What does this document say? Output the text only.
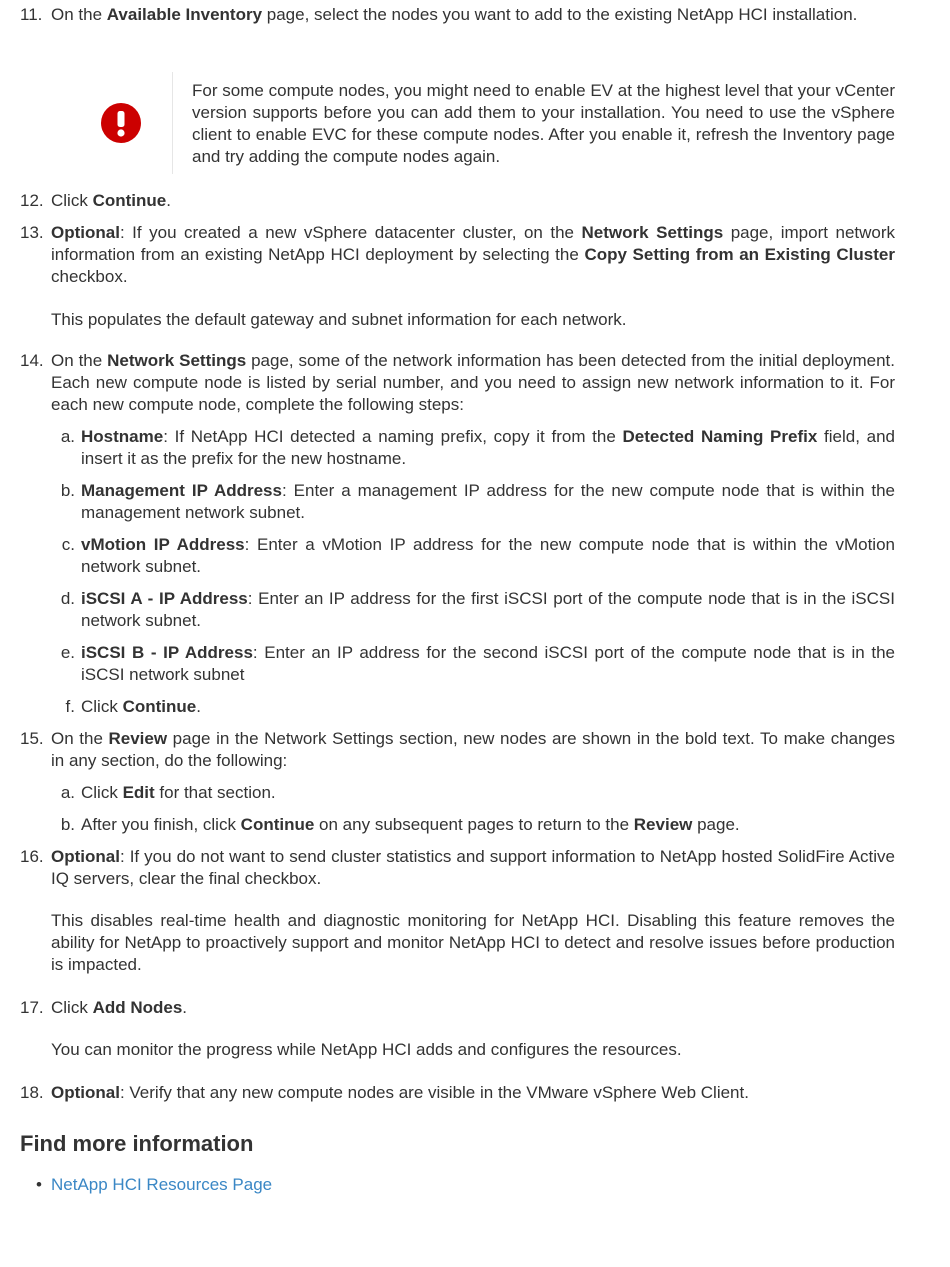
11. On the Available Inventory page, select the nodes you want to add to the existing NetApp HCI installation.

For some compute nodes, you might need to enable EV at the highest level that your vCenter version supports before you can add them to your installation. You need to use the vSphere client to enable EVC for these compute nodes. After you enable it, refresh the Inventory page and try adding the compute nodes again.
12. Click Continue.

13. Optional: If you created a new vSphere datacenter cluster, on the Network Settings page, import network information from an existing NetApp HCI deployment by selecting the Copy Setting from an Existing Cluster checkbox.

This populates the default gateway and subnet information for each network.

14. On the Network Settings page, some of the network information has been detected from the initial deployment. Each new compute node is listed by serial number, and you need to assign new network information to it. For each new compute node, complete the following steps:

a. Hostname: If NetApp HCI detected a naming prefix, copy it from the Detected Naming Prefix field, and insert it as the prefix for the new hostname.
b. Management IP Address: Enter a management IP address for the new compute node that is within the management network subnet.
c. vMotion IP Address: Enter a vMotion IP address for the new compute node that is within the vMotion network subnet.
d. iSCSI A - IP Address: Enter an IP address for the first iSCSI port of the compute node that is in the iSCSI network subnet.
e. iSCSI B - IP Address: Enter an IP address for the second iSCSI port of the compute node that is in the iSCSI network subnet
f. Click Continue.
15. On the Review page in the Network Settings section, new nodes are shown in the bold text. To make changes in any section, do the following:

a. Click Edit for that section.
b. After you finish, click Continue on any subsequent pages to return to the Review page.
16. Optional: If you do not want to send cluster statistics and support information to NetApp hosted SolidFire Active IQ servers, clear the final checkbox.

This disables real-time health and diagnostic monitoring for NetApp HCI. Disabling this feature removes the ability for NetApp to proactively support and monitor NetApp HCI to detect and resolve issues before production is impacted.

17. Click Add Nodes.

You can monitor the progress while NetApp HCI adds and configures the resources.

18. Optional: Verify that any new compute nodes are visible in the VMware vSphere Web Client.

Find more information
• NetApp HCI Resources Page
